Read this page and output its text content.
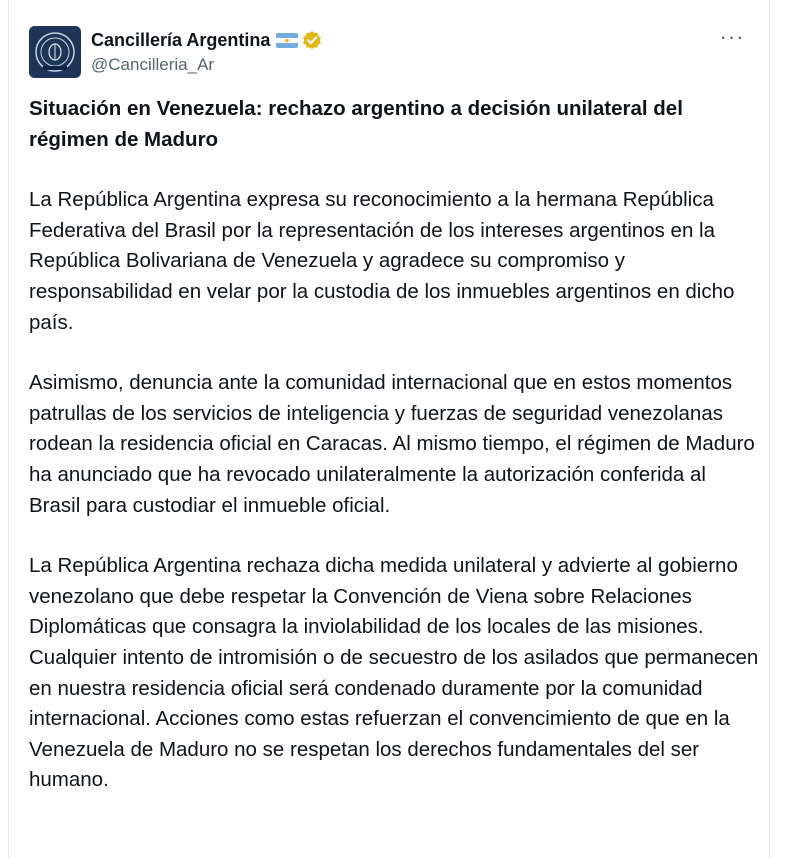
Cancillería Argentina
@Cancilleria_Ar
···

Situación en Venezuela: rechazo argentino a decisión unilateral del régimen de Maduro

La República Argentina expresa su reconocimiento a la hermana República Federativa del Brasil por la representación de los intereses argentinos en la República Bolivariana de Venezuela y agradece su compromiso y responsabilidad en velar por la custodia de los inmuebles argentinos en dicho país.

Asimismo, denuncia ante la comunidad internacional que en estos momentos patrullas de los servicios de inteligencia y fuerzas de seguridad venezolanas rodean la residencia oficial en Caracas. Al mismo tiempo, el régimen de Maduro ha anunciado que ha revocado unilateralmente la autorización conferida al Brasil para custodiar el inmueble oficial.

La República Argentina rechaza dicha medida unilateral y advierte al gobierno venezolano que debe respetar la Convención de Viena sobre Relaciones Diplomáticas que consagra la inviolabilidad de los locales de las misiones. Cualquier intento de intromisión o de secuestro de los asilados que permanecen en nuestra residencia oficial será condenado duramente por la comunidad internacional. Acciones como estas refuerzan el convencimiento de que en la Venezuela de Maduro no se respetan los derechos fundamentales del ser humano.
